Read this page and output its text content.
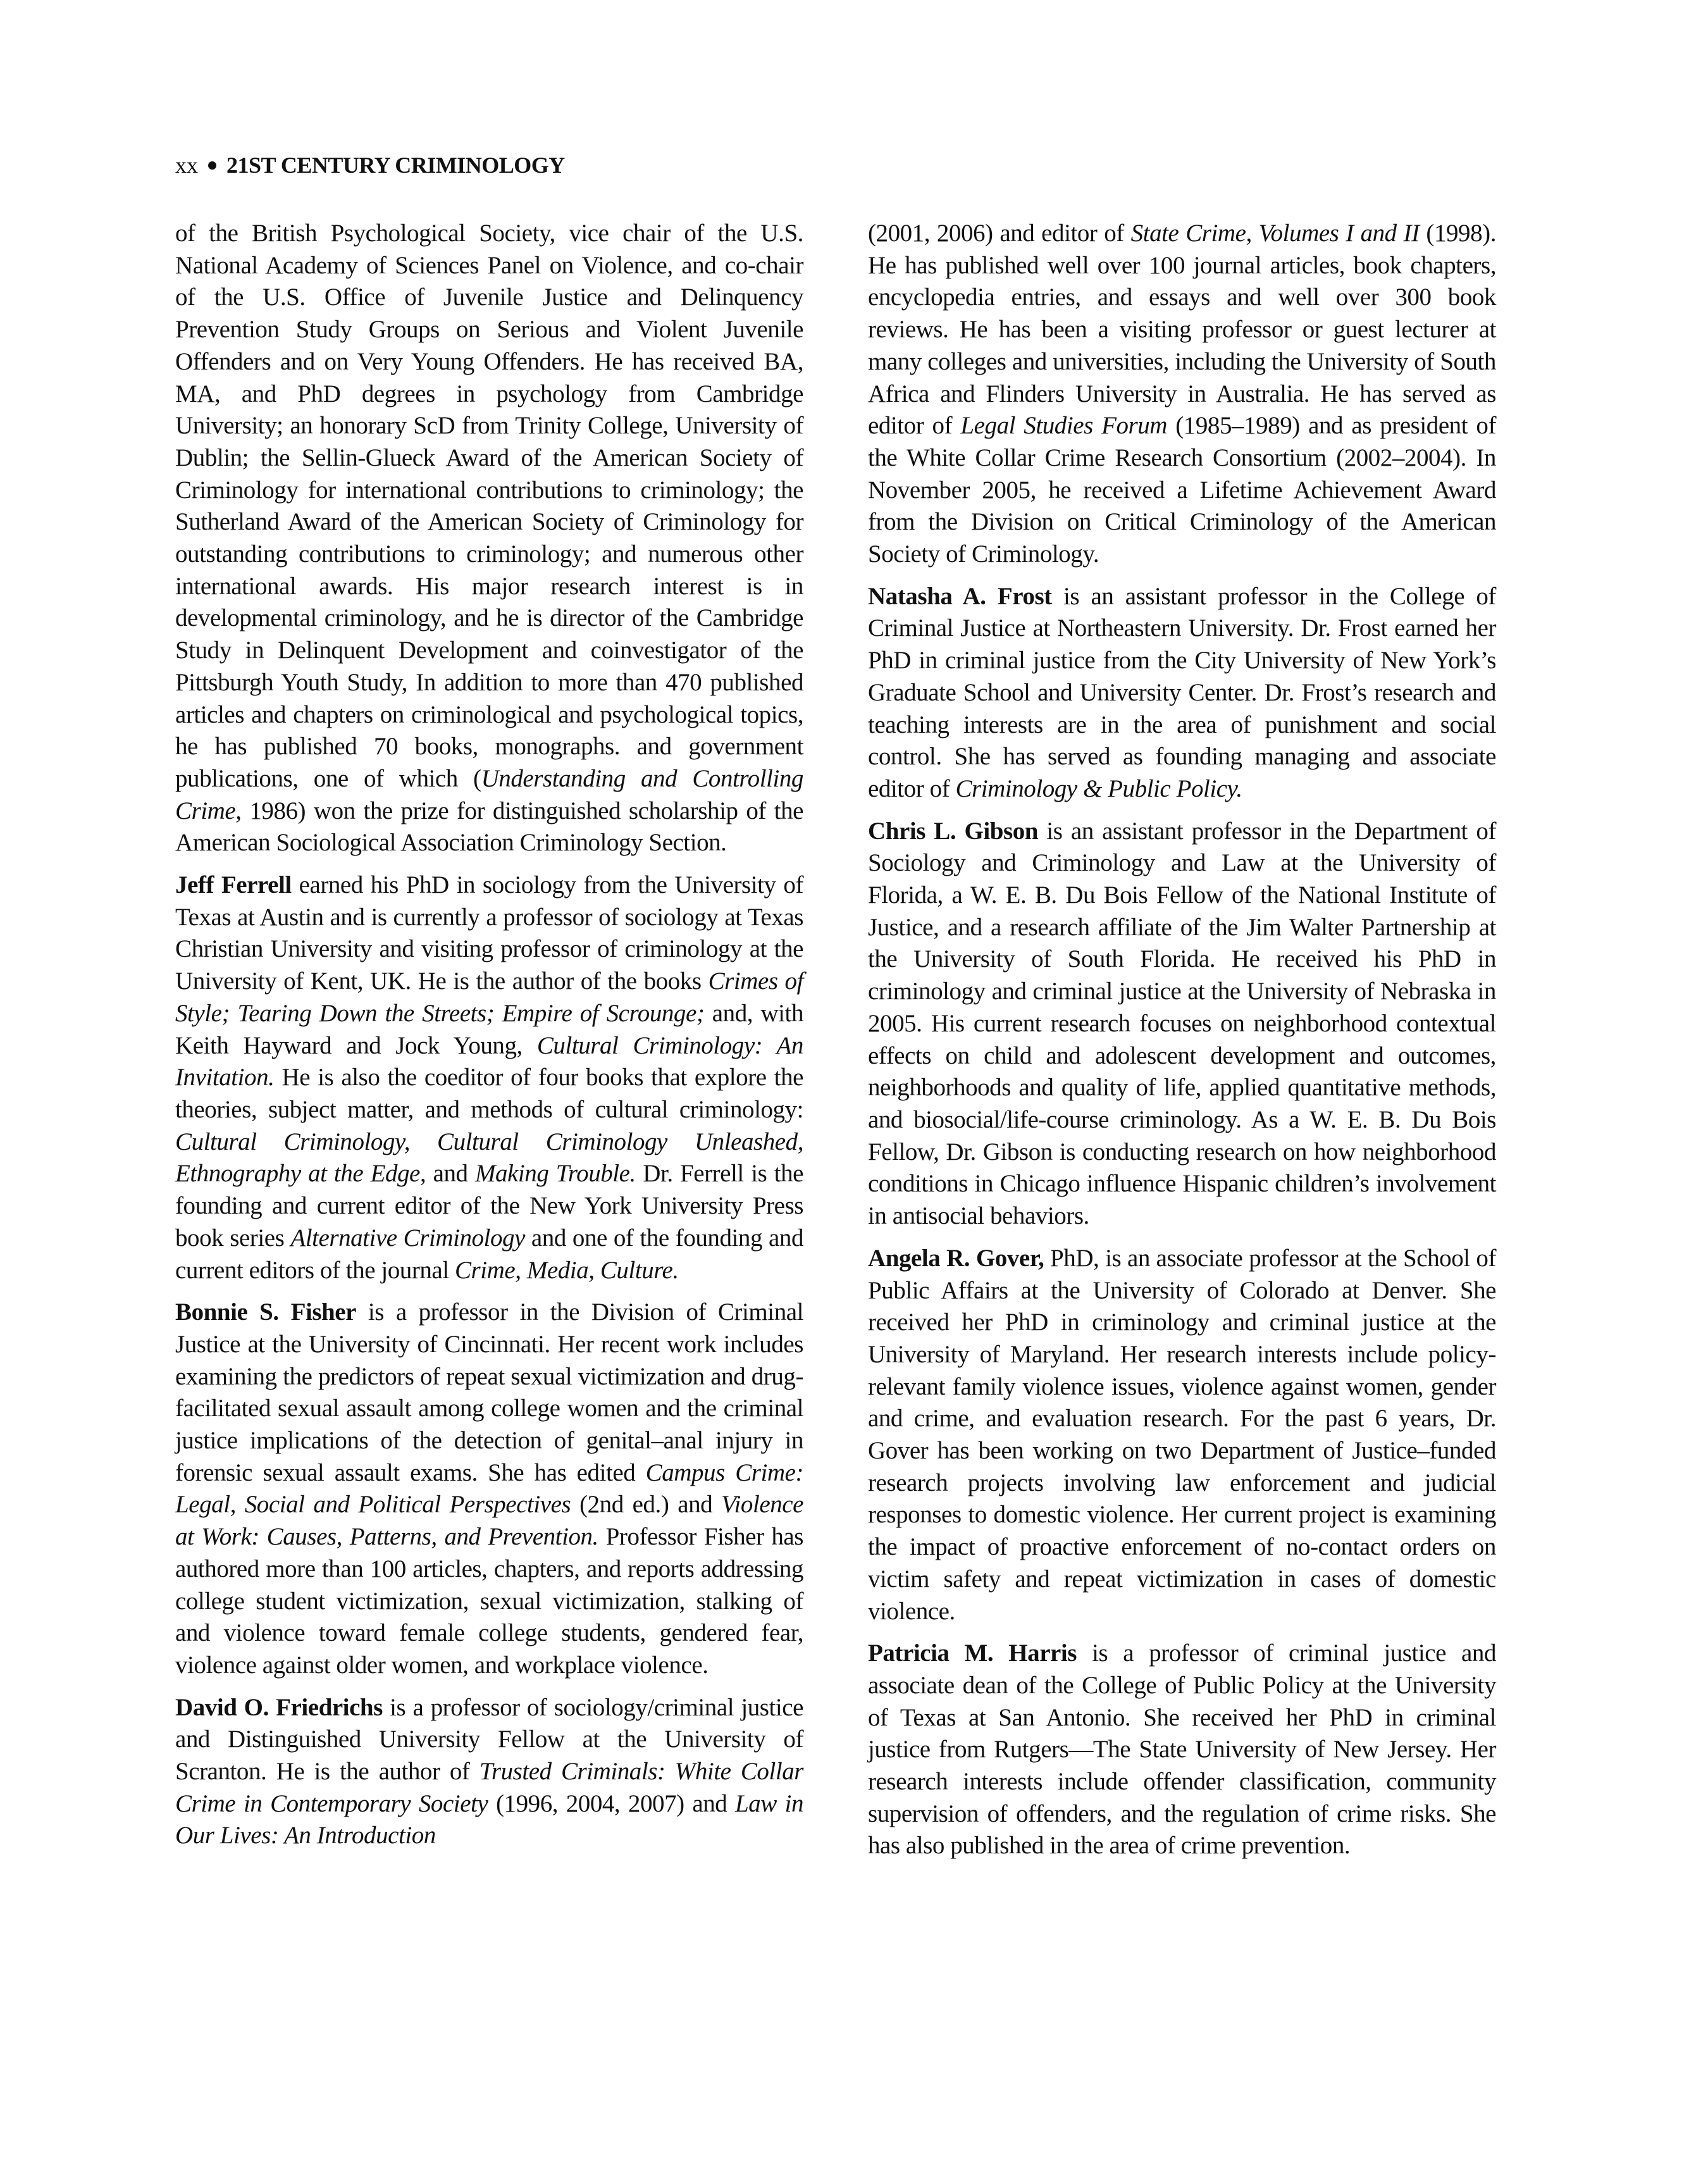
xx 21ST CENTURY CRIMINOLOGY

of the British Psychological Society, vice chair of the U.S. National Academy of Sciences Panel on Violence, and co-chair of the U.S. Office of Juvenile Justice and Delinquency Prevention Study Groups on Serious and Violent Juvenile Offenders and on Very Young Offenders. He has received BA, MA, and PhD degrees in psychology from Cambridge University; an honorary ScD from Trinity College, University of Dublin; the Sellin-Glueck Award of the American Society of Criminology for international contributions to criminology; the Sutherland Award of the American Society of Criminology for outstanding contributions to criminology; and numerous other international awards. His major research interest is in developmental criminology, and he is director of the Cambridge Study in Delinquent Development and coinvestigator of the Pittsburgh Youth Study, In addition to more than 470 published articles and chapters on criminological and psychological topics, he has published 70 books, monographs. and government publications, one of which (Understanding and Controlling Crime, 1986) won the prize for distinguished scholarship of the American Sociological Association Criminology Section.

Jeff Ferrell earned his PhD in sociology from the University of Texas at Austin and is currently a professor of sociology at Texas Christian University and visiting professor of criminology at the University of Kent, UK. He is the author of the books Crimes of Style; Tearing Down the Streets; Empire of Scrounge; and, with Keith Hayward and Jock Young, Cultural Criminology: An Invitation. He is also the coeditor of four books that explore the theories, subject matter, and methods of cultural criminology: Cultural Criminology, Cultural Criminology Unleashed, Ethnography at the Edge, and Making Trouble. Dr. Ferrell is the founding and current editor of the New York University Press book series Alternative Criminology and one of the founding and current editors of the journal Crime, Media, Culture.

Bonnie S. Fisher is a professor in the Division of Criminal Justice at the University of Cincinnati. Her recent work includes examining the predictors of repeat sexual victimization and drug-facilitated sexual assault among college women and the criminal justice implications of the detection of genital–anal injury in forensic sexual assault exams. She has edited Campus Crime: Legal, Social and Political Perspectives (2nd ed.) and Violence at Work: Causes, Patterns, and Prevention. Professor Fisher has authored more than 100 articles, chapters, and reports addressing college student victimization, sexual victimization, stalking of and violence toward female college students, gendered fear, violence against older women, and workplace violence.

David O. Friedrichs is a professor of sociology/criminal justice and Distinguished University Fellow at the University of Scranton. He is the author of Trusted Criminals: White Collar Crime in Contemporary Society (1996, 2004, 2007) and Law in Our Lives: An Introduction

(2001, 2006) and editor of State Crime, Volumes I and II (1998). He has published well over 100 journal articles, book chapters, encyclopedia entries, and essays and well over 300 book reviews. He has been a visiting professor or guest lecturer at many colleges and universities, including the University of South Africa and Flinders University in Australia. He has served as editor of Legal Studies Forum (1985–1989) and as president of the White Collar Crime Research Consortium (2002–2004). In November 2005, he received a Lifetime Achievement Award from the Division on Critical Criminology of the American Society of Criminology.

Natasha A. Frost is an assistant professor in the College of Criminal Justice at Northeastern University. Dr. Frost earned her PhD in criminal justice from the City University of New York’s Graduate School and University Center. Dr. Frost’s research and teaching interests are in the area of punishment and social control. She has served as founding managing and associate editor of Criminology & Public Policy.

Chris L. Gibson is an assistant professor in the Department of Sociology and Criminology and Law at the University of Florida, a W. E. B. Du Bois Fellow of the National Institute of Justice, and a research affiliate of the Jim Walter Partnership at the University of South Florida. He received his PhD in criminology and criminal justice at the University of Nebraska in 2005. His current research focuses on neighborhood contextual effects on child and adolescent development and outcomes, neighborhoods and quality of life, applied quantitative methods, and biosocial/life-course criminology. As a W. E. B. Du Bois Fellow, Dr. Gibson is conducting research on how neighborhood conditions in Chicago influence Hispanic children’s involvement in antisocial behaviors.

Angela R. Gover, PhD, is an associate professor at the School of Public Affairs at the University of Colorado at Denver. She received her PhD in criminology and criminal justice at the University of Maryland. Her research interests include policy-relevant family violence issues, violence against women, gender and crime, and evaluation research. For the past 6 years, Dr. Gover has been working on two Department of Justice–funded research projects involving law enforcement and judicial responses to domestic violence. Her current project is examining the impact of proactive enforcement of no-contact orders on victim safety and repeat victimization in cases of domestic violence.

Patricia M. Harris is a professor of criminal justice and associate dean of the College of Public Policy at the University of Texas at San Antonio. She received her PhD in criminal justice from Rutgers—The State University of New Jersey. Her research interests include offender classification, community supervision of offenders, and the regulation of crime risks. She has also published in the area of crime prevention.
